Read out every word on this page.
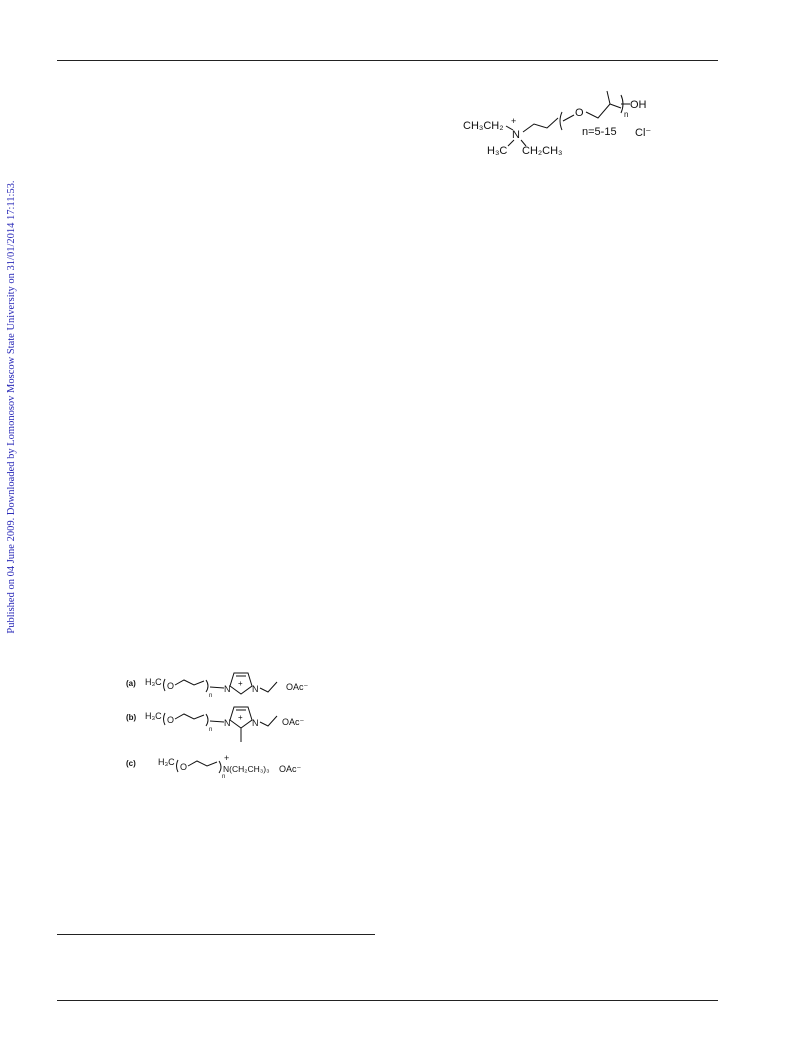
Published on 04 June 2009. Downloaded by Lomonosov Moscow State University on 31/01/2014 17:11:53.
CH₃CH₂ +
N
H₃C CH₂CH₃
O
OH
n
n=5-15 Cl⁻
(a) H₃C O
n
N
+
N	OAc⁻
(b) H₃C O
n
N
+
N	OAc⁻
(c)
+
H₃C O
n
N(CH₂CH₃)₃ OAc⁻
